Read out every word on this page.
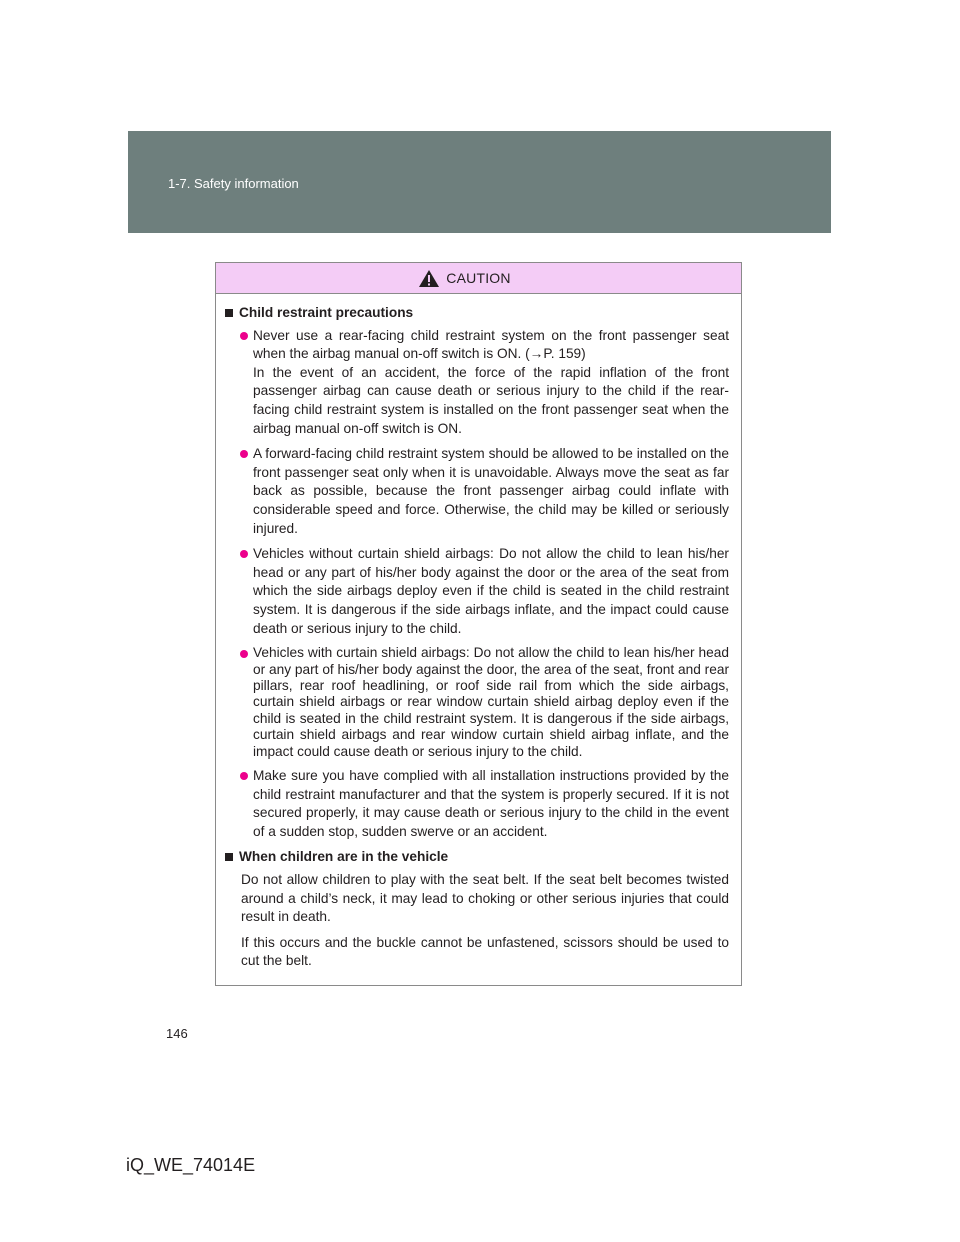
1-7. Safety information
CAUTION
Child restraint precautions
Never use a rear-facing child restraint system on the front passenger seat when the airbag manual on-off switch is ON. (→P. 159)
In the event of an accident, the force of the rapid inflation of the front passenger airbag can cause death or serious injury to the child if the rear-facing child restraint system is installed on the front passenger seat when the airbag manual on-off switch is ON.
A forward-facing child restraint system should be allowed to be installed on the front passenger seat only when it is unavoidable. Always move the seat as far back as possible, because the front passenger airbag could inflate with considerable speed and force. Otherwise, the child may be killed or seriously injured.
Vehicles without curtain shield airbags: Do not allow the child to lean his/her head or any part of his/her body against the door or the area of the seat from which the side airbags deploy even if the child is seated in the child restraint system. It is dangerous if the side airbags inflate, and the impact could cause death or serious injury to the child.
Vehicles with curtain shield airbags: Do not allow the child to lean his/her head or any part of his/her body against the door, the area of the seat, front and rear pillars, rear roof headlining, or roof side rail from which the side airbags, curtain shield airbags or rear window curtain shield airbag deploy even if the child is seated in the child restraint system. It is dangerous if the side airbags, curtain shield airbags and rear window curtain shield airbag inflate, and the impact could cause death or serious injury to the child.
Make sure you have complied with all installation instructions provided by the child restraint manufacturer and that the system is properly secured. If it is not secured properly, it may cause death or serious injury to the child in the event of a sudden stop, sudden swerve or an accident.
When children are in the vehicle
Do not allow children to play with the seat belt. If the seat belt becomes twisted around a child’s neck, it may lead to choking or other serious injuries that could result in death.
If this occurs and the buckle cannot be unfastened, scissors should be used to cut the belt.
146
iQ_WE_74014E
